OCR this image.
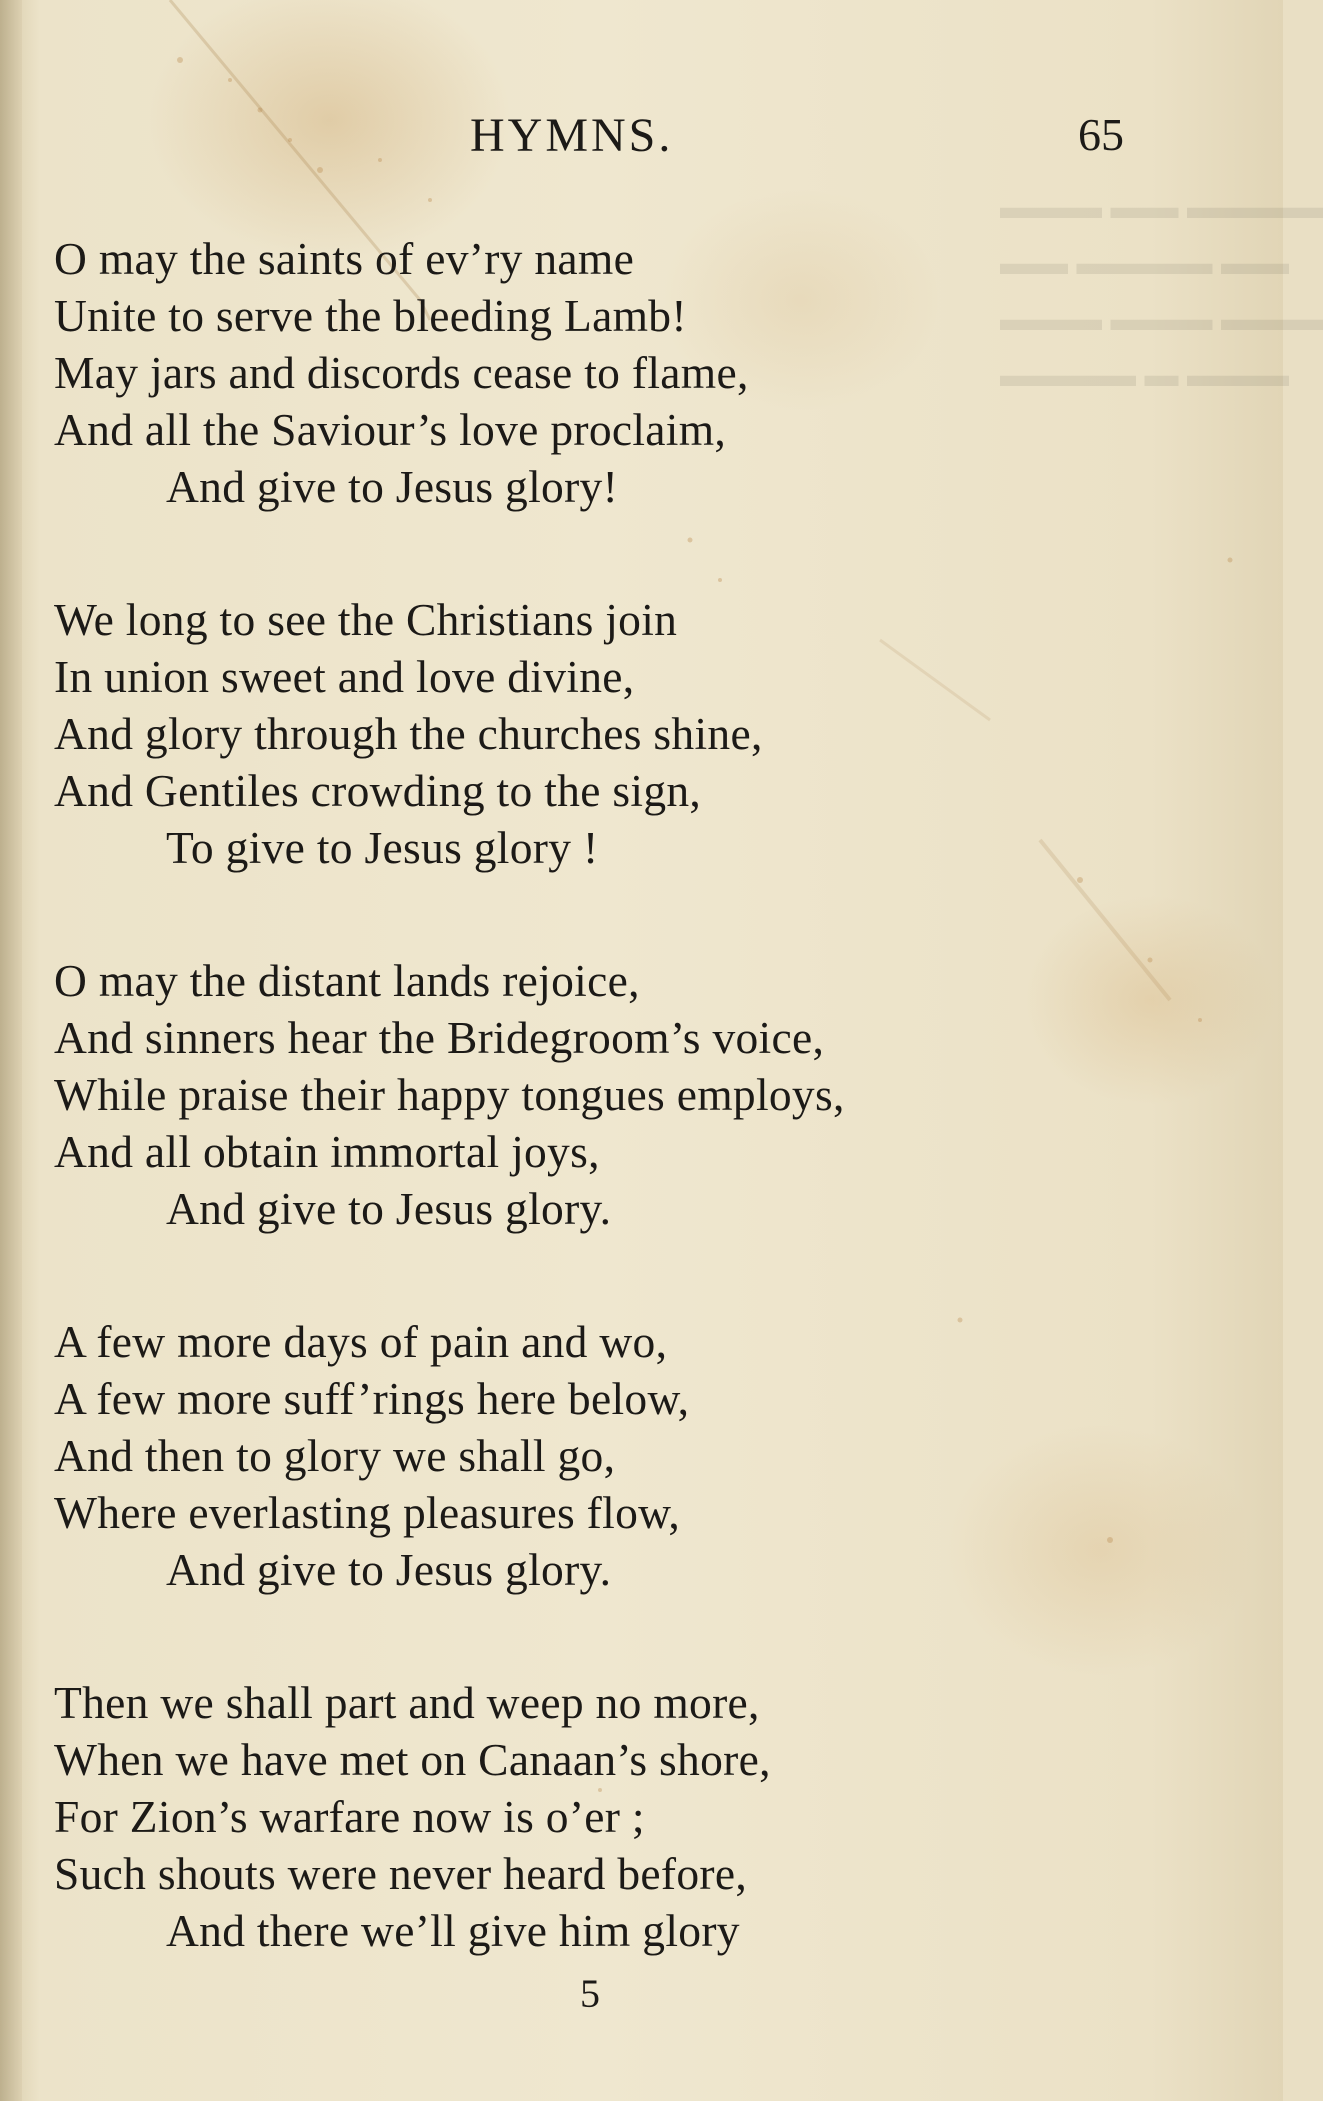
▬▬▬ ▬▬ ▬▬▬▬
▬▬ ▬▬▬▬ ▬▬
▬▬▬ ▬▬▬ ▬▬▬
▬▬▬▬ ▬ ▬▬▬
HYMNS.	65
O may the saints of ev’ry name
Unite to serve the bleeding Lamb!
May jars and discords cease to flame,
And all the Saviour’s love proclaim,
And give to Jesus glory!
We long to see the Christians join
In union sweet and love divine,
And glory through the churches shine,
And Gentiles crowding to the sign,
To give to Jesus glory !
O may the distant lands rejoice,
And sinners hear the Bridegroom’s voice,
While praise their happy tongues employs,
And all obtain immortal joys,
And give to Jesus glory.
A few more days of pain and wo,
A few more suff’rings here below,
And then to glory we shall go,
Where everlasting pleasures flow,
And give to Jesus glory.
Then we shall part and weep no more,
When we have met on Canaan’s shore,
For Zion’s warfare now is o’er ;
Such shouts were never heard before,
And there we’ll give him glory
5
